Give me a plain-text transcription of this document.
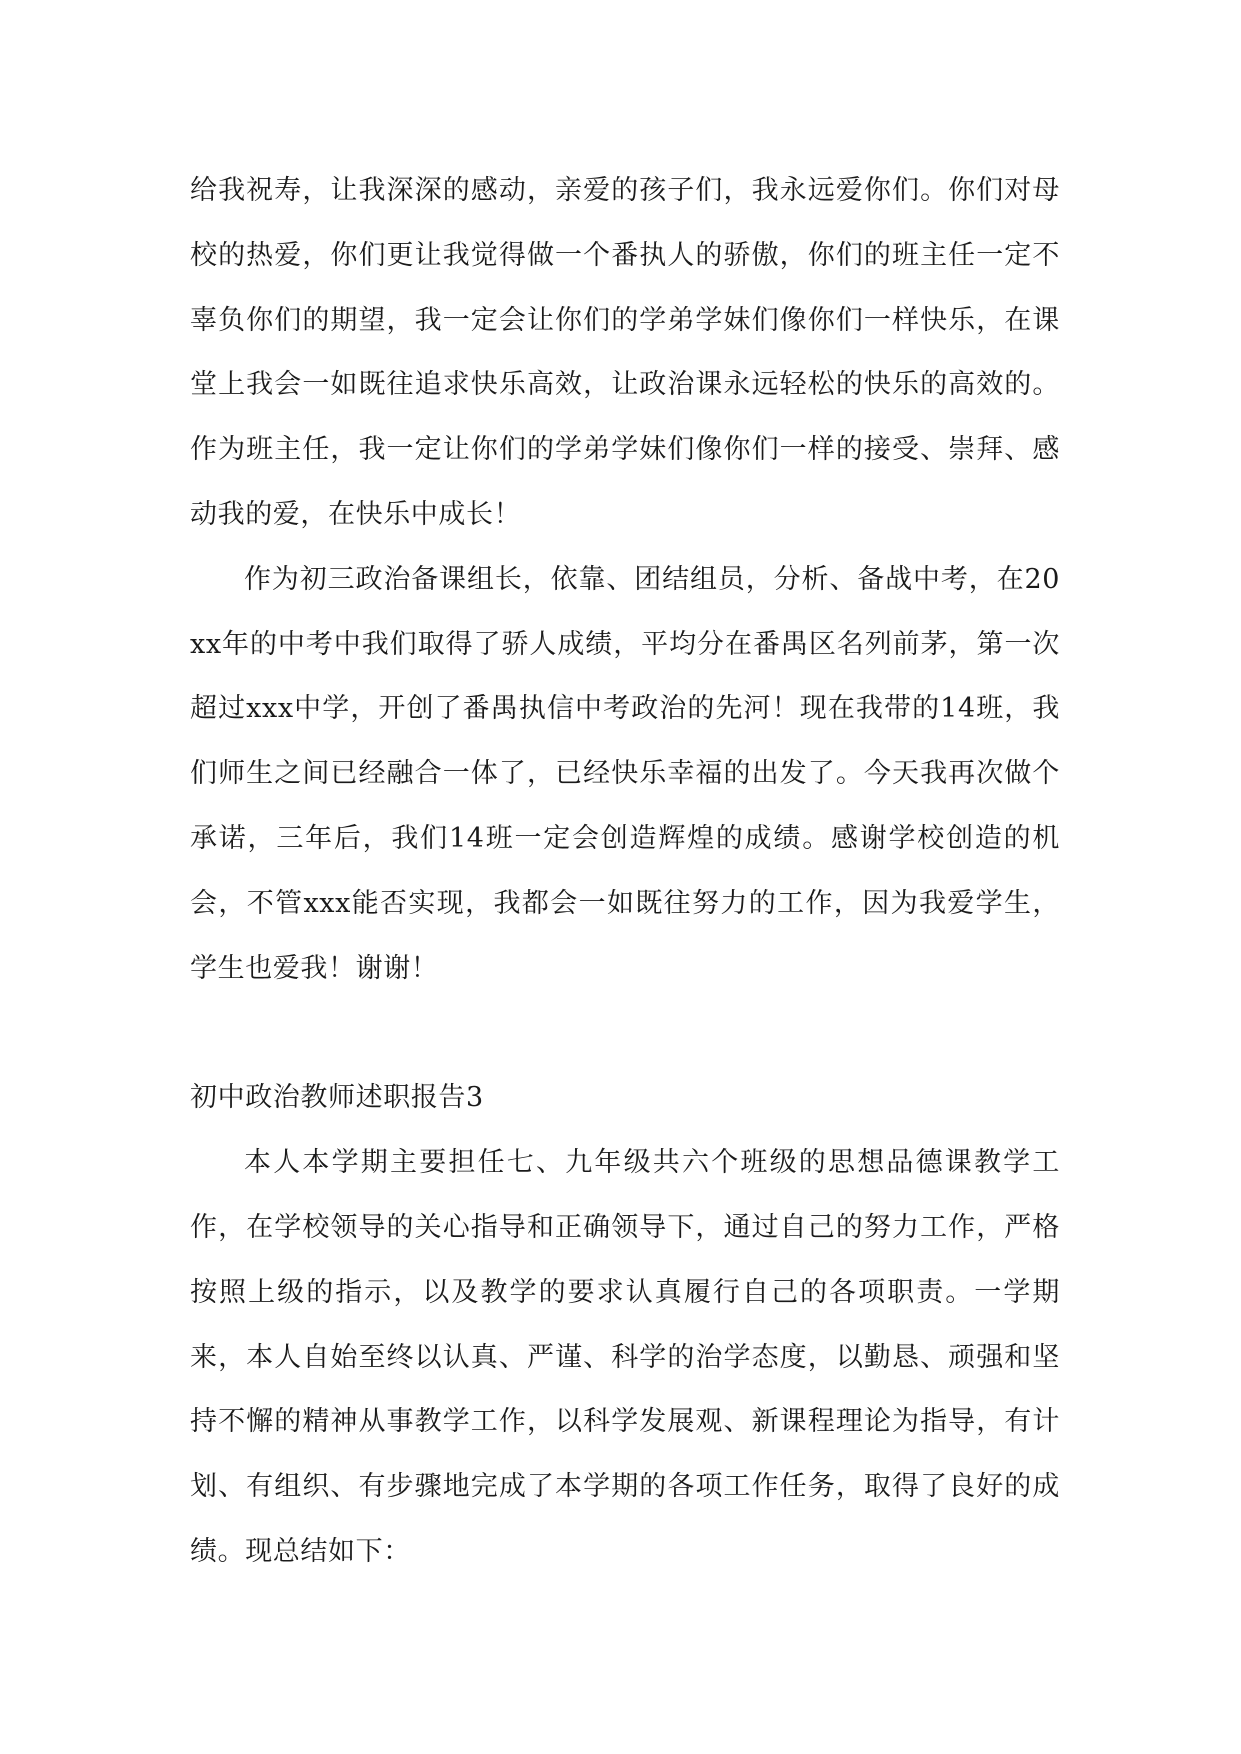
给我祝寿，让我深深的感动，亲爱的孩子们，我永远爱你们。你们对母校的热爱，你们更让我觉得做一个番执人的骄傲，你们的班主任一定不辜负你们的期望，我一定会让你们的学弟学妹们像你们一样快乐，在课堂上我会一如既往追求快乐高效，让政治课永远轻松的快乐的高效的。作为班主任，我一定让你们的学弟学妹们像你们一样的接受、崇拜、感动我的爱，在快乐中成长！

作为初三政治备课组长，依靠、团结组员，分析、备战中考，在20xx年的中考中我们取得了骄人成绩，平均分在番禺区名列前茅，第一次超过xxx中学，开创了番禺执信中考政治的先河！现在我带的14班，我们师生之间已经融合一体了，已经快乐幸福的出发了。今天我再次做个承诺，三年后，我们14班一定会创造辉煌的成绩。感谢学校创造的机会，不管xxx能否实现，我都会一如既往努力的工作，因为我爱学生，学生也爱我！谢谢！

初中政治教师述职报告3

本人本学期主要担任七、九年级共六个班级的思想品德课教学工作，在学校领导的关心指导和正确领导下，通过自己的努力工作，严格按照上级的指示，以及教学的要求认真履行自己的各项职责。一学期来，本人自始至终以认真、严谨、科学的治学态度，以勤恳、顽强和坚持不懈的精神从事教学工作，以科学发展观、新课程理论为指导，有计划、有组织、有步骤地完成了本学期的各项工作任务，取得了良好的成绩。现总结如下：
